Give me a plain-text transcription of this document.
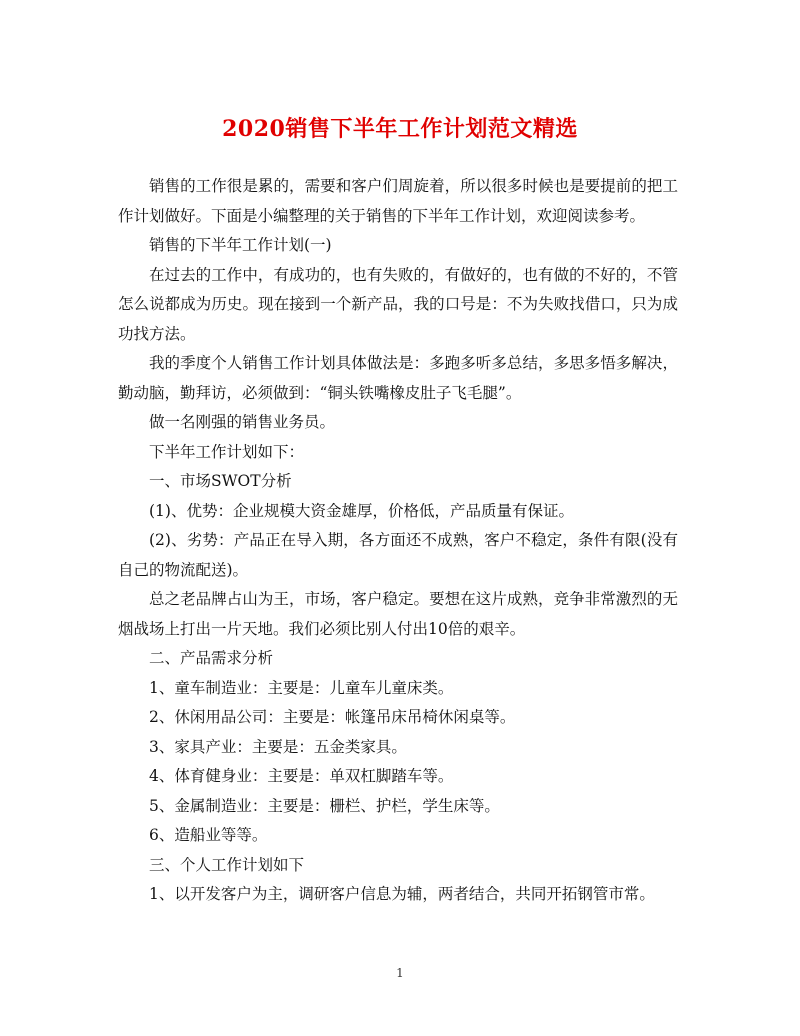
2020销售下半年工作计划范文精选

销售的工作很是累的，需要和客户们周旋着，所以很多时候也是要提前的把工作计划做好。下面是小编整理的关于销售的下半年工作计划，欢迎阅读参考。

销售的下半年工作计划(一)

在过去的工作中，有成功的，也有失败的，有做好的，也有做的不好的，不管怎么说都成为历史。现在接到一个新产品，我的口号是：不为失败找借口，只为成功找方法。

我的季度个人销售工作计划具体做法是：多跑多听多总结，多思多悟多解决，勤动脑，勤拜访，必须做到：“铜头铁嘴橡皮肚子飞毛腿”。

做一名刚强的销售业务员。

下半年工作计划如下：

一、市场SWOT分析

(1)、优势：企业规模大资金雄厚，价格低，产品质量有保证。

(2)、劣势：产品正在导入期，各方面还不成熟，客户不稳定，条件有限(没有自己的物流配送)。

总之老品牌占山为王，市场，客户稳定。要想在这片成熟，竞争非常激烈的无烟战场上打出一片天地。我们必须比别人付出10倍的艰辛。

二、产品需求分析

1、童车制造业：主要是：儿童车儿童床类。

2、休闲用品公司：主要是：帐篷吊床吊椅休闲桌等。

3、家具产业：主要是：五金类家具。

4、体育健身业：主要是：单双杠脚踏车等。

5、金属制造业：主要是：栅栏、护栏，学生床等。

6、造船业等等。

三、个人工作计划如下

1、以开发客户为主，调研客户信息为辅，两者结合，共同开拓钢管市常。

1
